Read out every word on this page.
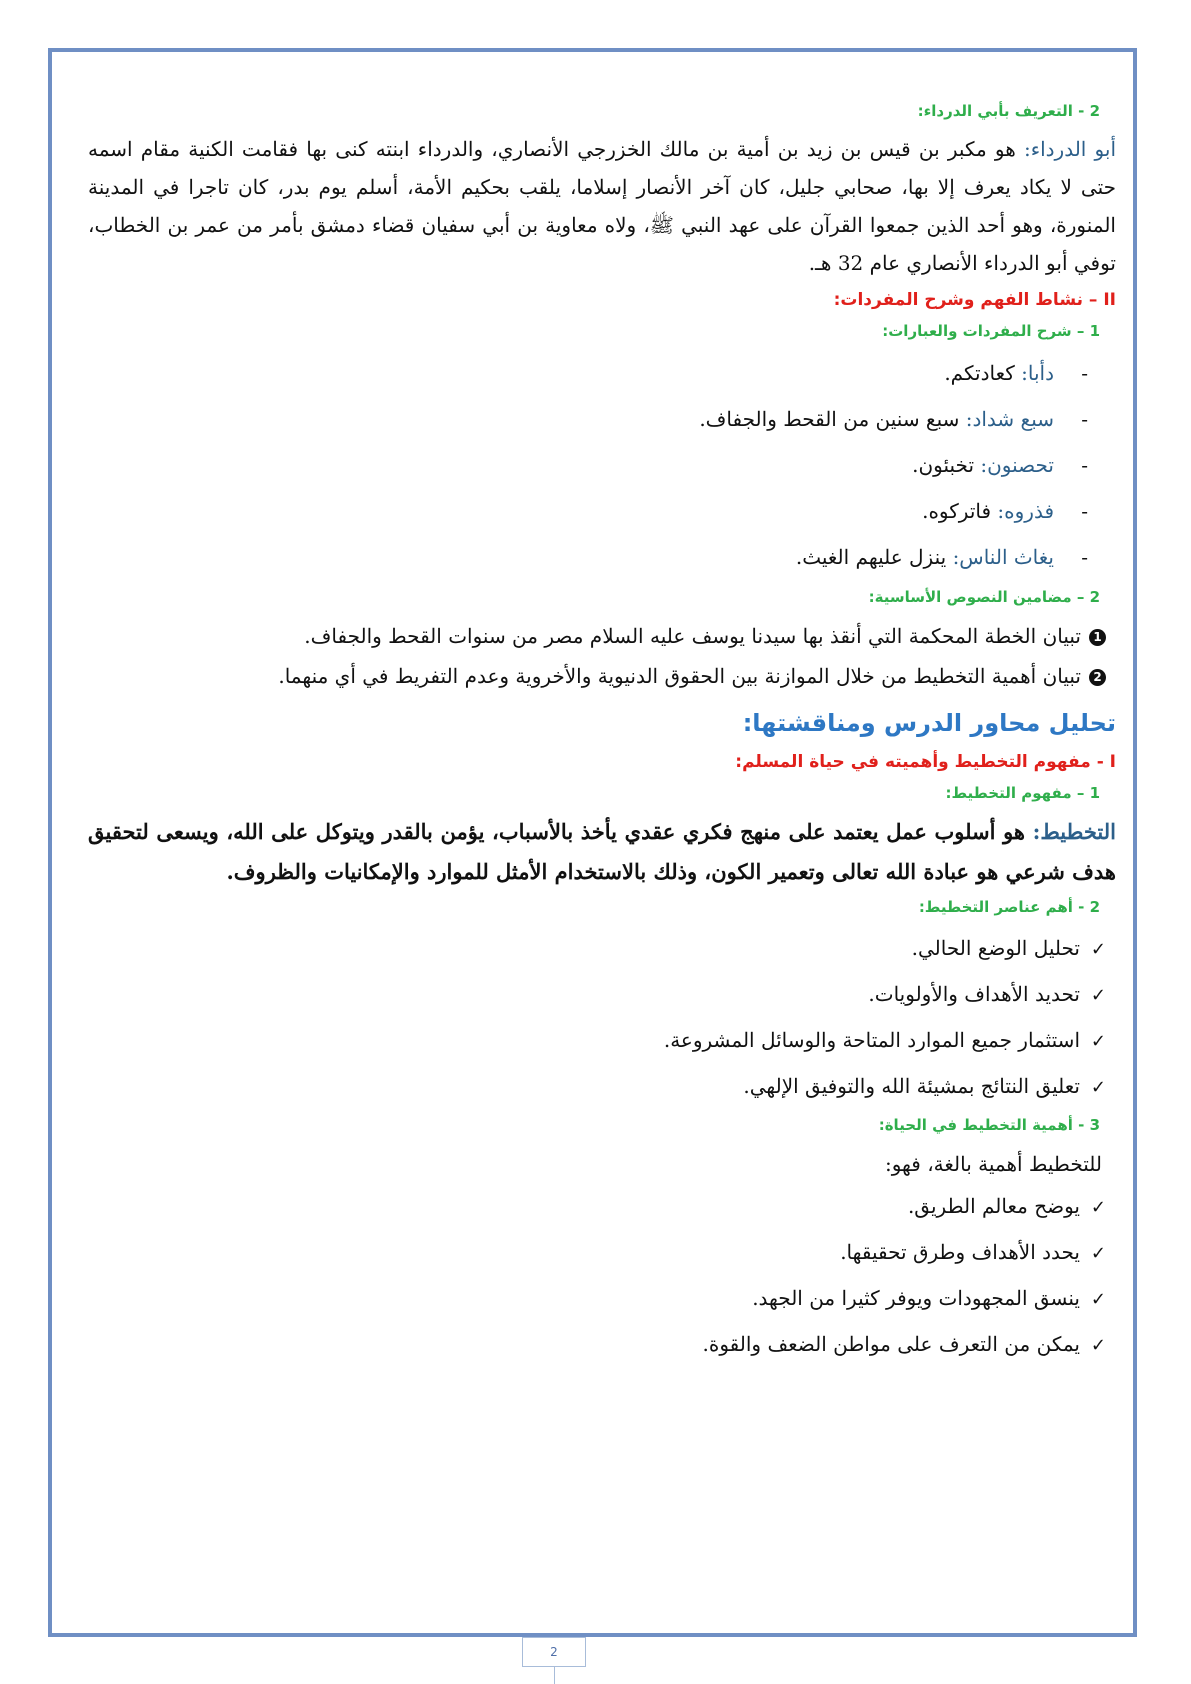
2 - التعريف بأبي الدرداء:

أبو الدرداء: هو مكبر بن قيس بن زيد بن أمية بن مالك الخزرجي الأنصاري، والدرداء ابنته كنى بها فقامت الكنية مقام اسمه حتى لا يكاد يعرف إلا بها، صحابي جليل، كان آخر الأنصار إسلاما، يلقب بحكيم الأمة، أسلم يوم بدر، كان تاجرا في المدينة المنورة، وهو أحد الذين جمعوا القرآن على عهد النبي ﷺ، ولاه معاوية بن أبي سفيان قضاء دمشق بأمر من عمر بن الخطاب، توفي أبو الدرداء الأنصاري عام 32 هـ.

II – نشاط الفهم وشرح المفردات:
1 – شرح المفردات والعبارات:
-دأبا: كعادتكم.
-سبع شداد: سبع سنين من القحط والجفاف.
-تحصنون: تخبئون.
-فذروه: فاتركوه.
-يغاث الناس: ينزل عليهم الغيث.
2 – مضامين النصوص الأساسية:
1تبيان الخطة المحكمة التي أنقذ بها سيدنا يوسف عليه السلام مصر من سنوات القحط والجفاف.
2تبيان أهمية التخطيط من خلال الموازنة بين الحقوق الدنيوية والأخروية وعدم التفريط في أي منهما.
تحليل محاور الدرس ومناقشتها:
I - مفهوم التخطيط وأهميته في حياة المسلم:
1 – مفهوم التخطيط:

التخطيط: هو أسلوب عمل يعتمد على منهج فكري عقدي يأخذ بالأسباب، يؤمن بالقدر ويتوكل على الله، ويسعى لتحقيق هدف شرعي هو عبادة الله تعالى وتعمير الكون، وذلك بالاستخدام الأمثل للموارد والإمكانيات والظروف.

2 - أهم عناصر التخطيط:
✓تحليل الوضع الحالي.
✓تحديد الأهداف والأولويات.
✓استثمار جميع الموارد المتاحة والوسائل المشروعة.
✓تعليق النتائج بمشيئة الله والتوفيق الإلهي.
3 - أهمية التخطيط في الحياة:
للتخطيط أهمية بالغة، فهو:
✓يوضح معالم الطريق.
✓يحدد الأهداف وطرق تحقيقها.
✓ينسق المجهودات ويوفر كثيرا من الجهد.
✓يمكن من التعرف على مواطن الضعف والقوة.
2
